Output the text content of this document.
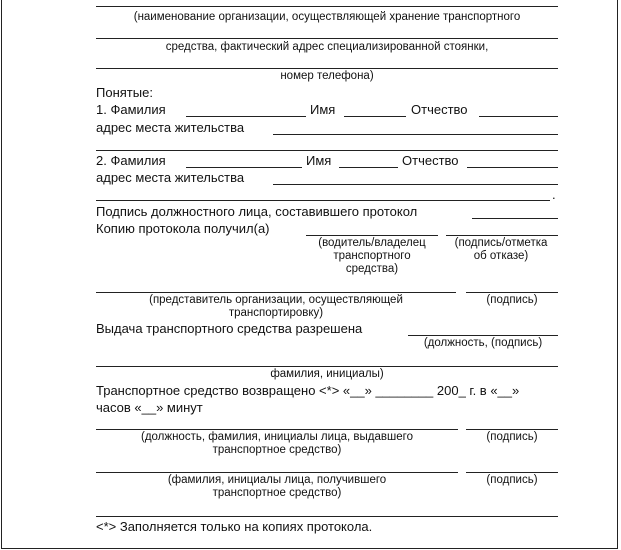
(наименование организации, осуществляющей хранение транспортного
средства, фактический адрес специализированной стоянки,
номер телефона)
Понятые:
1. Фамилия	Имя	Отчество
адрес места жительства
2. Фамилия	Имя	Отчество
адрес места жительства
.
Подпись должностного лица, составившего протокол
Копию протокола получил(а)
(водитель/владелец
транспортного
средства)
(подпись/отметка
об отказе)
(представитель организации, осуществляющей
транспортировку)
(подпись)
Выдача транспортного средства разрешена
(должность, (подпись)
фамилия, инициалы)
Транспортное средство возвращено <*> «__» ________ 200_ г. в «__»
часов «__» минут
(должность, фамилия, инициалы лица, выдавшего
транспортное средство)
(подпись)
(фамилия, инициалы лица, получившего
транспортное средство)
(подпись)
<*> Заполняется только на копиях протокола.
